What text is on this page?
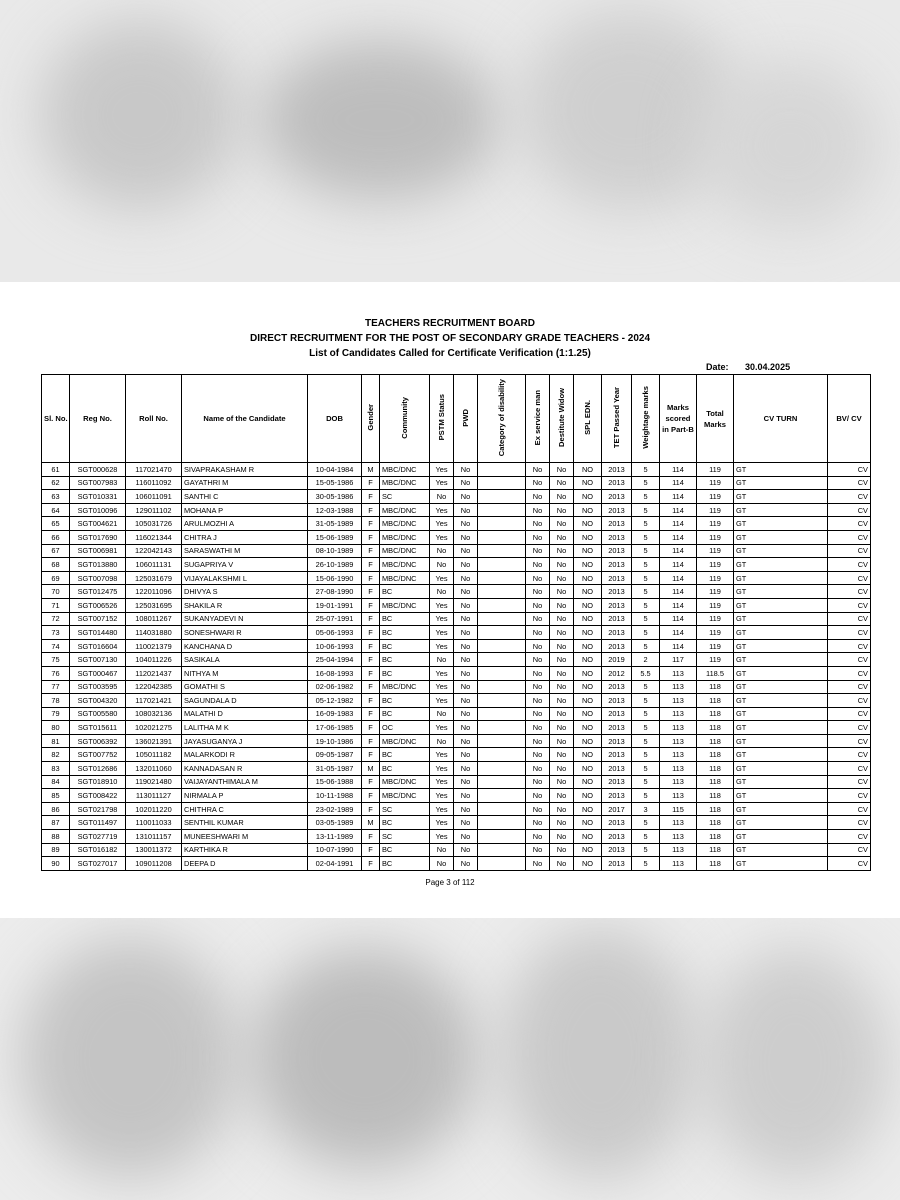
TEACHERS RECRUITMENT BOARD
DIRECT RECRUITMENT FOR THE POST OF SECONDARY GRADE TEACHERS - 2024
List of Candidates Called for Certificate Verification (1:1.25)
Date: 30.04.2025
Sl. No.	Reg No.	Roll No.	Name of the Candidate	DOB	Gender	Community	PSTM Status	PWD	Category of disability	Ex service man	Destitute Widow	SPL EDN.	TET Passed Year	Weightage marks	Marks scored in Part-B	Total Marks	CV TURN	BV/ CV
61	SGT000628	117021470	SIVAPRAKASHAM R	10-04-1984	M	MBC/DNC	Yes	No		No	No	NO	2013	5	114	119	GT	CV
62	SGT007983	116011092	GAYATHRI M	15-05-1986	F	MBC/DNC	Yes	No		No	No	NO	2013	5	114	119	GT	CV
63	SGT010331	106011091	SANTHI C	30-05-1986	F	SC	No	No		No	No	NO	2013	5	114	119	GT	CV
64	SGT010096	129011102	MOHANA P	12-03-1988	F	MBC/DNC	Yes	No		No	No	NO	2013	5	114	119	GT	CV
65	SGT004621	105031726	ARULMOZHI A	31-05-1989	F	MBC/DNC	Yes	No		No	No	NO	2013	5	114	119	GT	CV
66	SGT017690	116021344	CHITRA J	15-06-1989	F	MBC/DNC	Yes	No		No	No	NO	2013	5	114	119	GT	CV
67	SGT006981	122042143	SARASWATHI M	08-10-1989	F	MBC/DNC	No	No		No	No	NO	2013	5	114	119	GT	CV
68	SGT013880	106011131	SUGAPRIYA V	26-10-1989	F	MBC/DNC	No	No		No	No	NO	2013	5	114	119	GT	CV
69	SGT007098	125031679	VIJAYALAKSHMI L	15-06-1990	F	MBC/DNC	Yes	No		No	No	NO	2013	5	114	119	GT	CV
70	SGT012475	122011096	DHIVYA S	27-08-1990	F	BC	No	No		No	No	NO	2013	5	114	119	GT	CV
71	SGT006526	125031695	SHAKILA R	19-01-1991	F	MBC/DNC	Yes	No		No	No	NO	2013	5	114	119	GT	CV
72	SGT007152	108011267	SUKANYADEVI N	25-07-1991	F	BC	Yes	No		No	No	NO	2013	5	114	119	GT	CV
73	SGT014480	114031880	SONESHWARI R	05-06-1993	F	BC	Yes	No		No	No	NO	2013	5	114	119	GT	CV
74	SGT016604	110021379	KANCHANA D	10-06-1993	F	BC	Yes	No		No	No	NO	2013	5	114	119	GT	CV
75	SGT007130	104011226	SASIKALA	25-04-1994	F	BC	No	No		No	No	NO	2019	2	117	119	GT	CV
76	SGT000467	112021437	NITHYA M	16-08-1993	F	BC	Yes	No		No	No	NO	2012	5.5	113	118.5	GT	CV
77	SGT003595	122042385	GOMATHI S	02-06-1982	F	MBC/DNC	Yes	No		No	No	NO	2013	5	113	118	GT	CV
78	SGT004320	117021421	SAGUNDALA D	05-12-1982	F	BC	Yes	No		No	No	NO	2013	5	113	118	GT	CV
79	SGT005580	108032136	MALATHI D	16-09-1983	F	BC	No	No		No	No	NO	2013	5	113	118	GT	CV
80	SGT015611	102021275	LALITHA M K	17-06-1985	F	OC	Yes	No		No	No	NO	2013	5	113	118	GT	CV
81	SGT006392	136021391	JAYASUGANYA J	19-10-1986	F	MBC/DNC	No	No		No	No	NO	2013	5	113	118	GT	CV
82	SGT007752	105011182	MALARKODI R	09-05-1987	F	BC	Yes	No		No	No	NO	2013	5	113	118	GT	CV
83	SGT012686	132011060	KANNADASAN R	31-05-1987	M	BC	Yes	No		No	No	NO	2013	5	113	118	GT	CV
84	SGT018910	119021480	VAIJAYANTHIMALA M	15-06-1988	F	MBC/DNC	Yes	No		No	No	NO	2013	5	113	118	GT	CV
85	SGT008422	113011127	NIRMALA P	10-11-1988	F	MBC/DNC	Yes	No		No	No	NO	2013	5	113	118	GT	CV
86	SGT021798	102011220	CHITHRA C	23-02-1989	F	SC	Yes	No		No	No	NO	2017	3	115	118	GT	CV
87	SGT011497	110011033	SENTHIL KUMAR	03-05-1989	M	BC	Yes	No		No	No	NO	2013	5	113	118	GT	CV
88	SGT027719	131011157	MUNEESHWARI M	13-11-1989	F	SC	Yes	No		No	No	NO	2013	5	113	118	GT	CV
89	SGT016182	130011372	KARTHIKA R	10-07-1990	F	BC	No	No		No	No	NO	2013	5	113	118	GT	CV
90	SGT027017	109011208	DEEPA D	02-04-1991	F	BC	No	No		No	No	NO	2013	5	113	118	GT	CV
Page 3 of 112
